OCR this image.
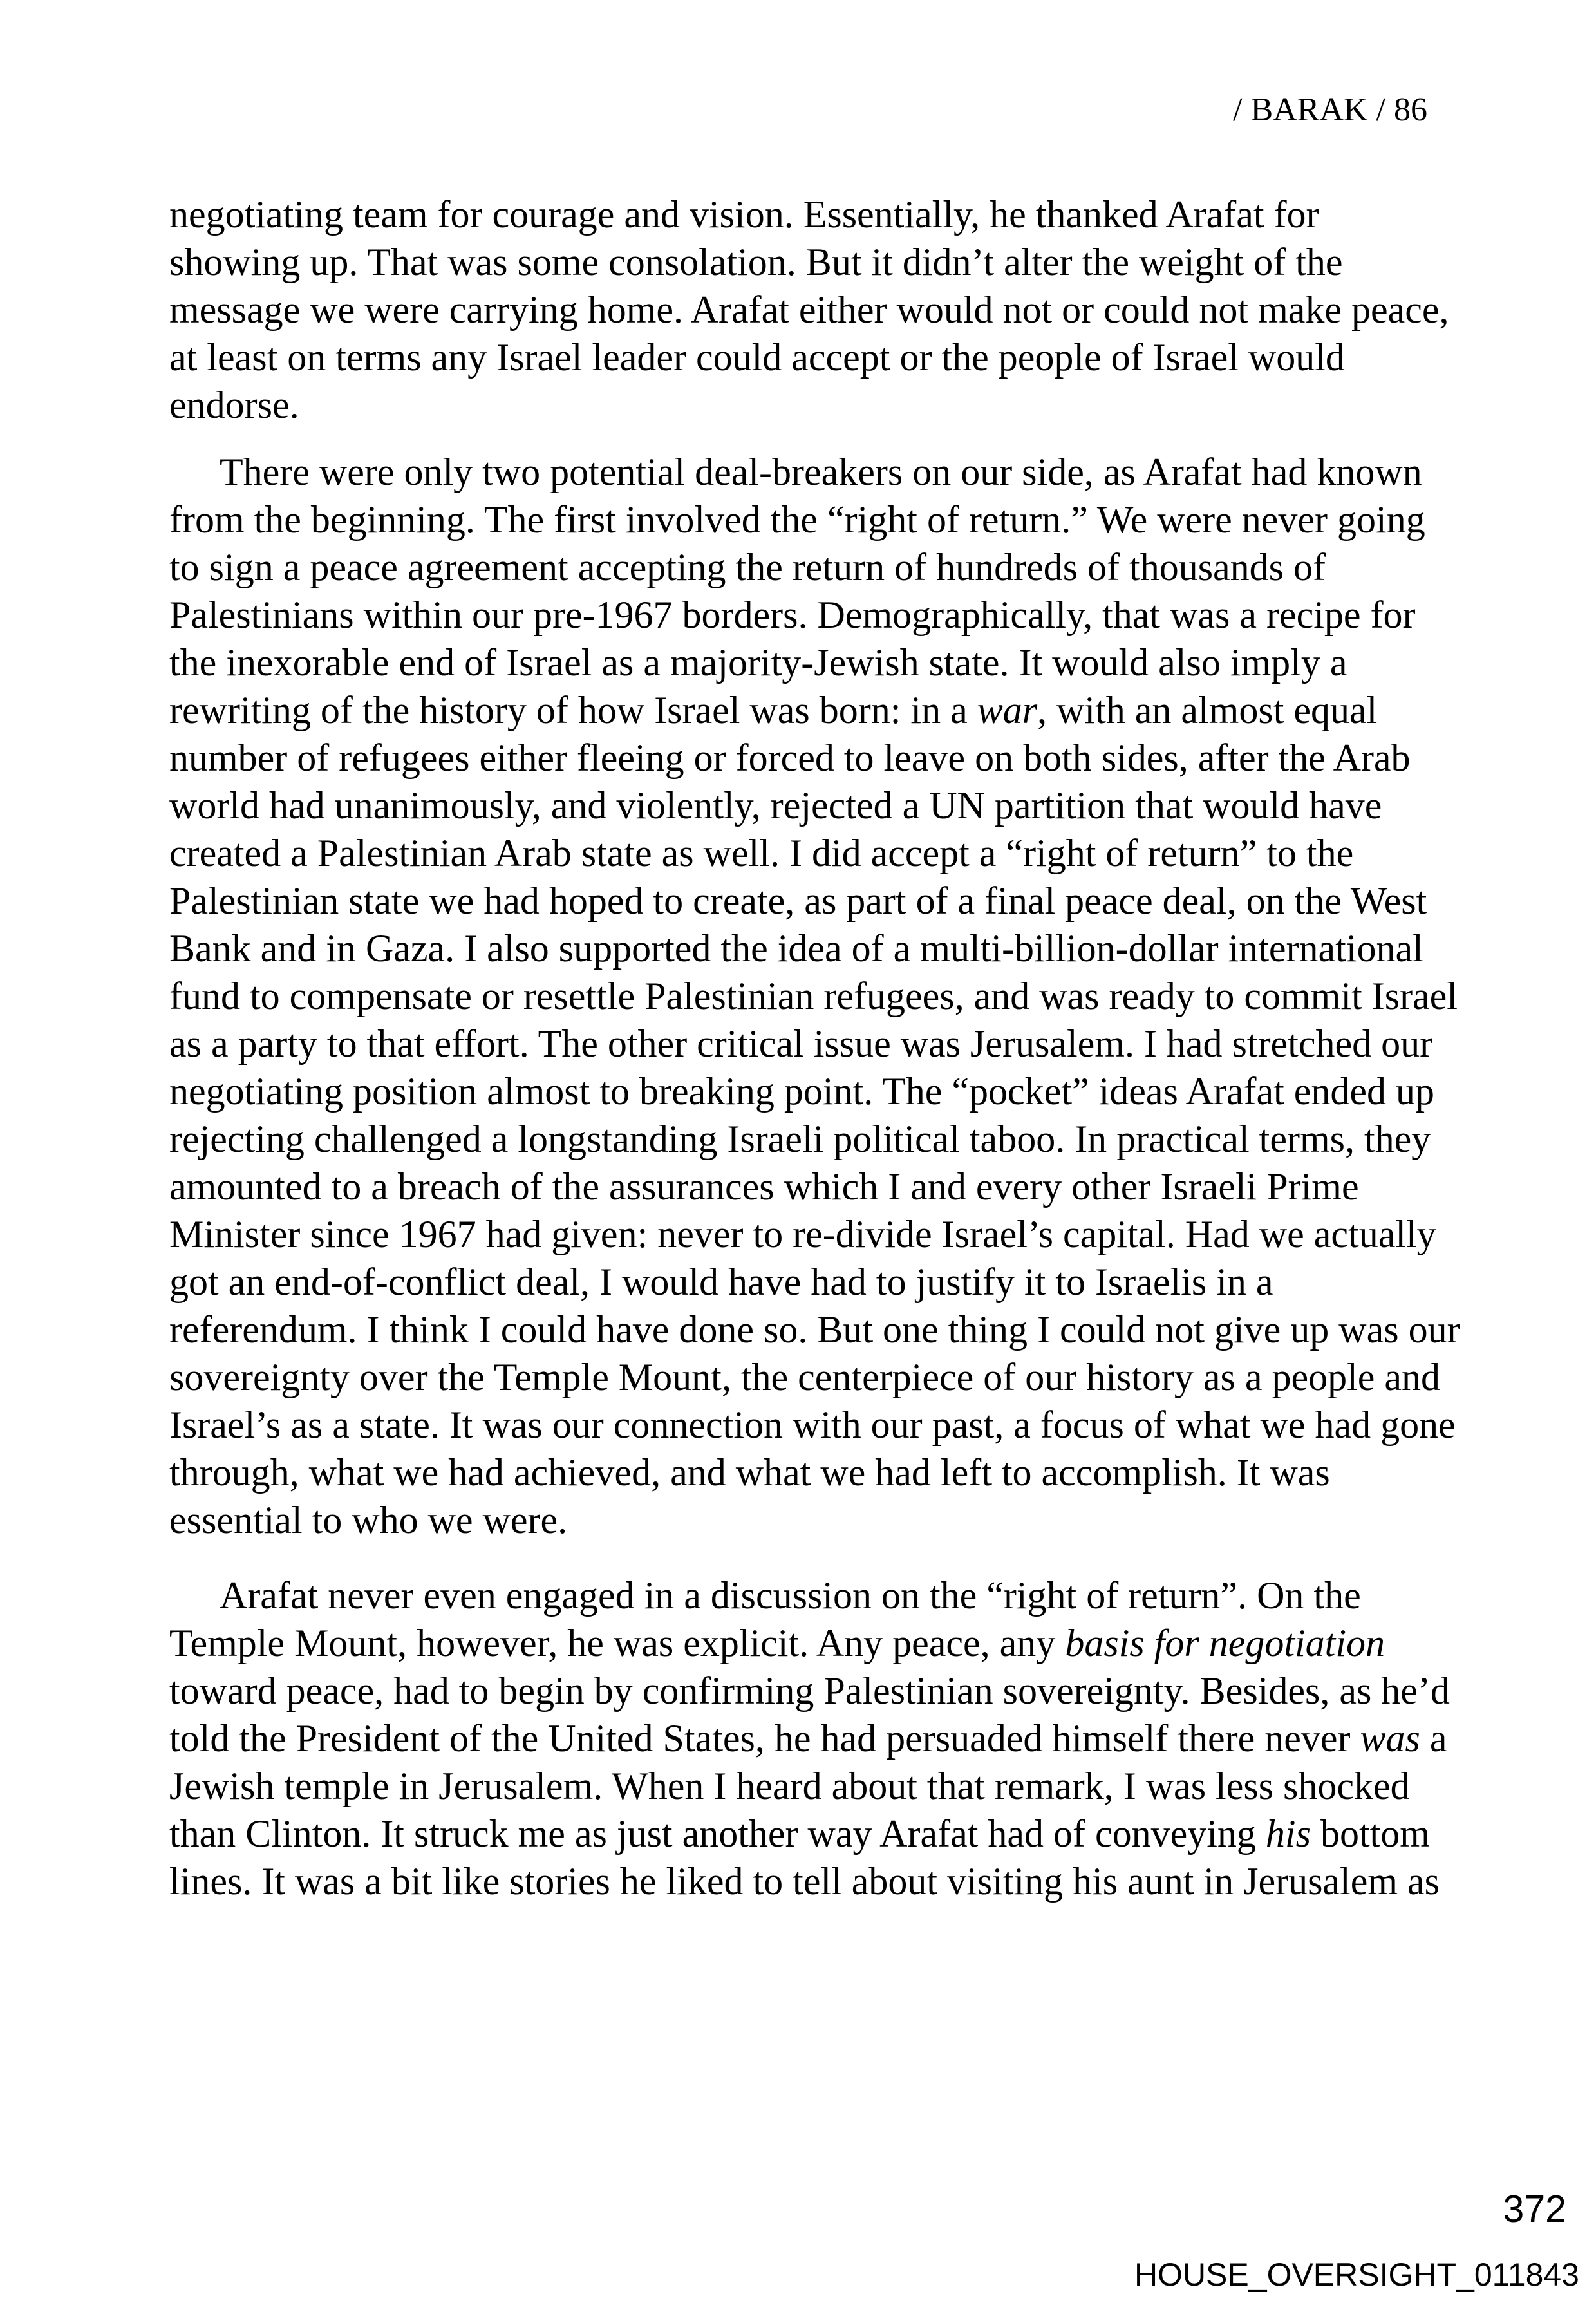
/ BARAK / 86
negotiating team for courage and vision. Essentially, he thanked Arafat for
showing up. That was some consolation. But it didn’t alter the weight of the
message we were carrying home. Arafat either would not or could not make peace,
at least on terms any Israel leader could accept or the people of Israel would
endorse.
There were only two potential deal-breakers on our side, as Arafat had known
from the beginning. The first involved the “right of return.” We were never going
to sign a peace agreement accepting the return of hundreds of thousands of
Palestinians within our pre-1967 borders. Demographically, that was a recipe for
the inexorable end of Israel as a majority-Jewish state. It would also imply a
rewriting of the history of how Israel was born: in a war, with an almost equal
number of refugees either fleeing or forced to leave on both sides, after the Arab
world had unanimously, and violently, rejected a UN partition that would have
created a Palestinian Arab state as well. I did accept a “right of return” to the
Palestinian state we had hoped to create, as part of a final peace deal, on the West
Bank and in Gaza. I also supported the idea of a multi-billion-dollar international
fund to compensate or resettle Palestinian refugees, and was ready to commit Israel
as a party to that effort. The other critical issue was Jerusalem. I had stretched our
negotiating position almost to breaking point. The “pocket” ideas Arafat ended up
rejecting challenged a longstanding Israeli political taboo. In practical terms, they
amounted to a breach of the assurances which I and every other Israeli Prime
Minister since 1967 had given: never to re-divide Israel’s capital. Had we actually
got an end-of-conflict deal, I would have had to justify it to Israelis in a
referendum. I think I could have done so. But one thing I could not give up was our
sovereignty over the Temple Mount, the centerpiece of our history as a people and
Israel’s as a state. It was our connection with our past, a focus of what we had gone
through, what we had achieved, and what we had left to accomplish. It was
essential to who we were.
Arafat never even engaged in a discussion on the “right of return”. On the
Temple Mount, however, he was explicit. Any peace, any basis for negotiation
toward peace, had to begin by confirming Palestinian sovereignty. Besides, as he’d
told the President of the United States, he had persuaded himself there never was a
Jewish temple in Jerusalem. When I heard about that remark, I was less shocked
than Clinton. It struck me as just another way Arafat had of conveying his bottom
lines. It was a bit like stories he liked to tell about visiting his aunt in Jerusalem as
372
HOUSE_OVERSIGHT_011843
